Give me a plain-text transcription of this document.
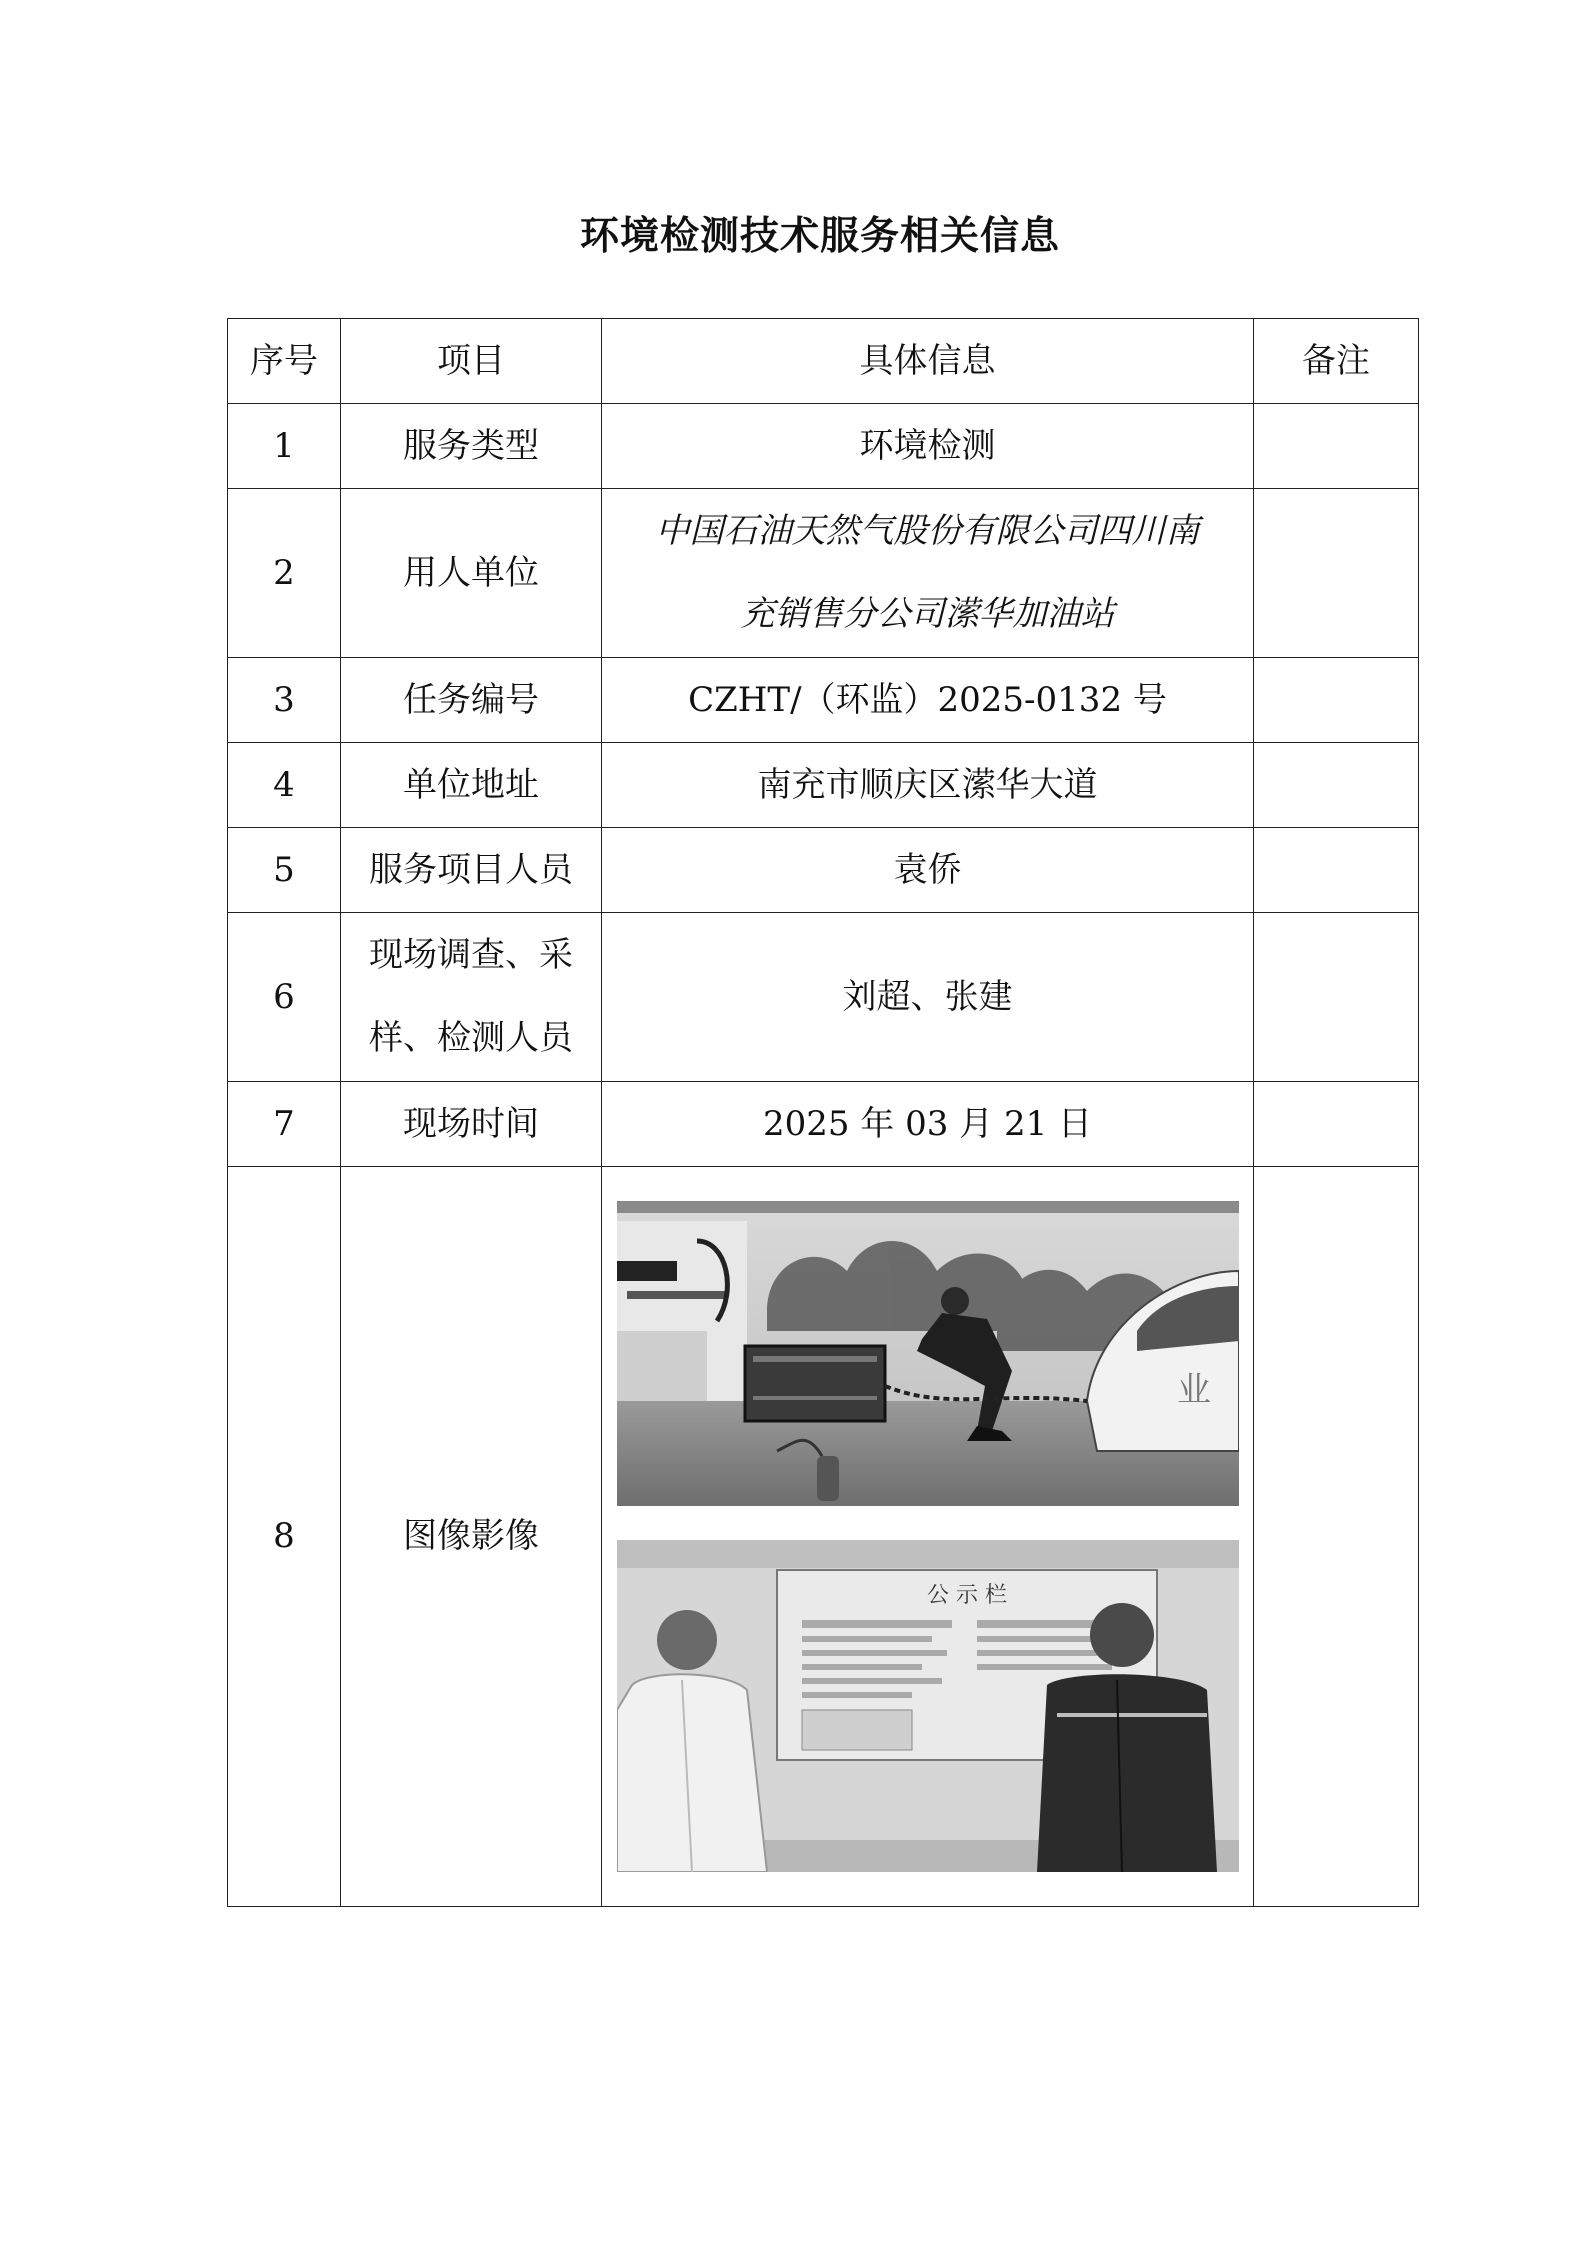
环境检测技术服务相关信息
序号	项目	具体信息	备注
1	服务类型	环境检测	
2	用人单位	中国石油天然气股份有限公司四川南
充销售分公司潆华加油站	
3	任务编号	CZHT/（环监）2025-0132 号	
4	单位地址	南充市顺庆区潆华大道	
5	服务项目人员	袁侨	
6	现场调查、采
样、检测人员	刘超、张建	
7	现场时间	2025 年 03 月 21 日	
8	图像影像	业
公 示 栏	
